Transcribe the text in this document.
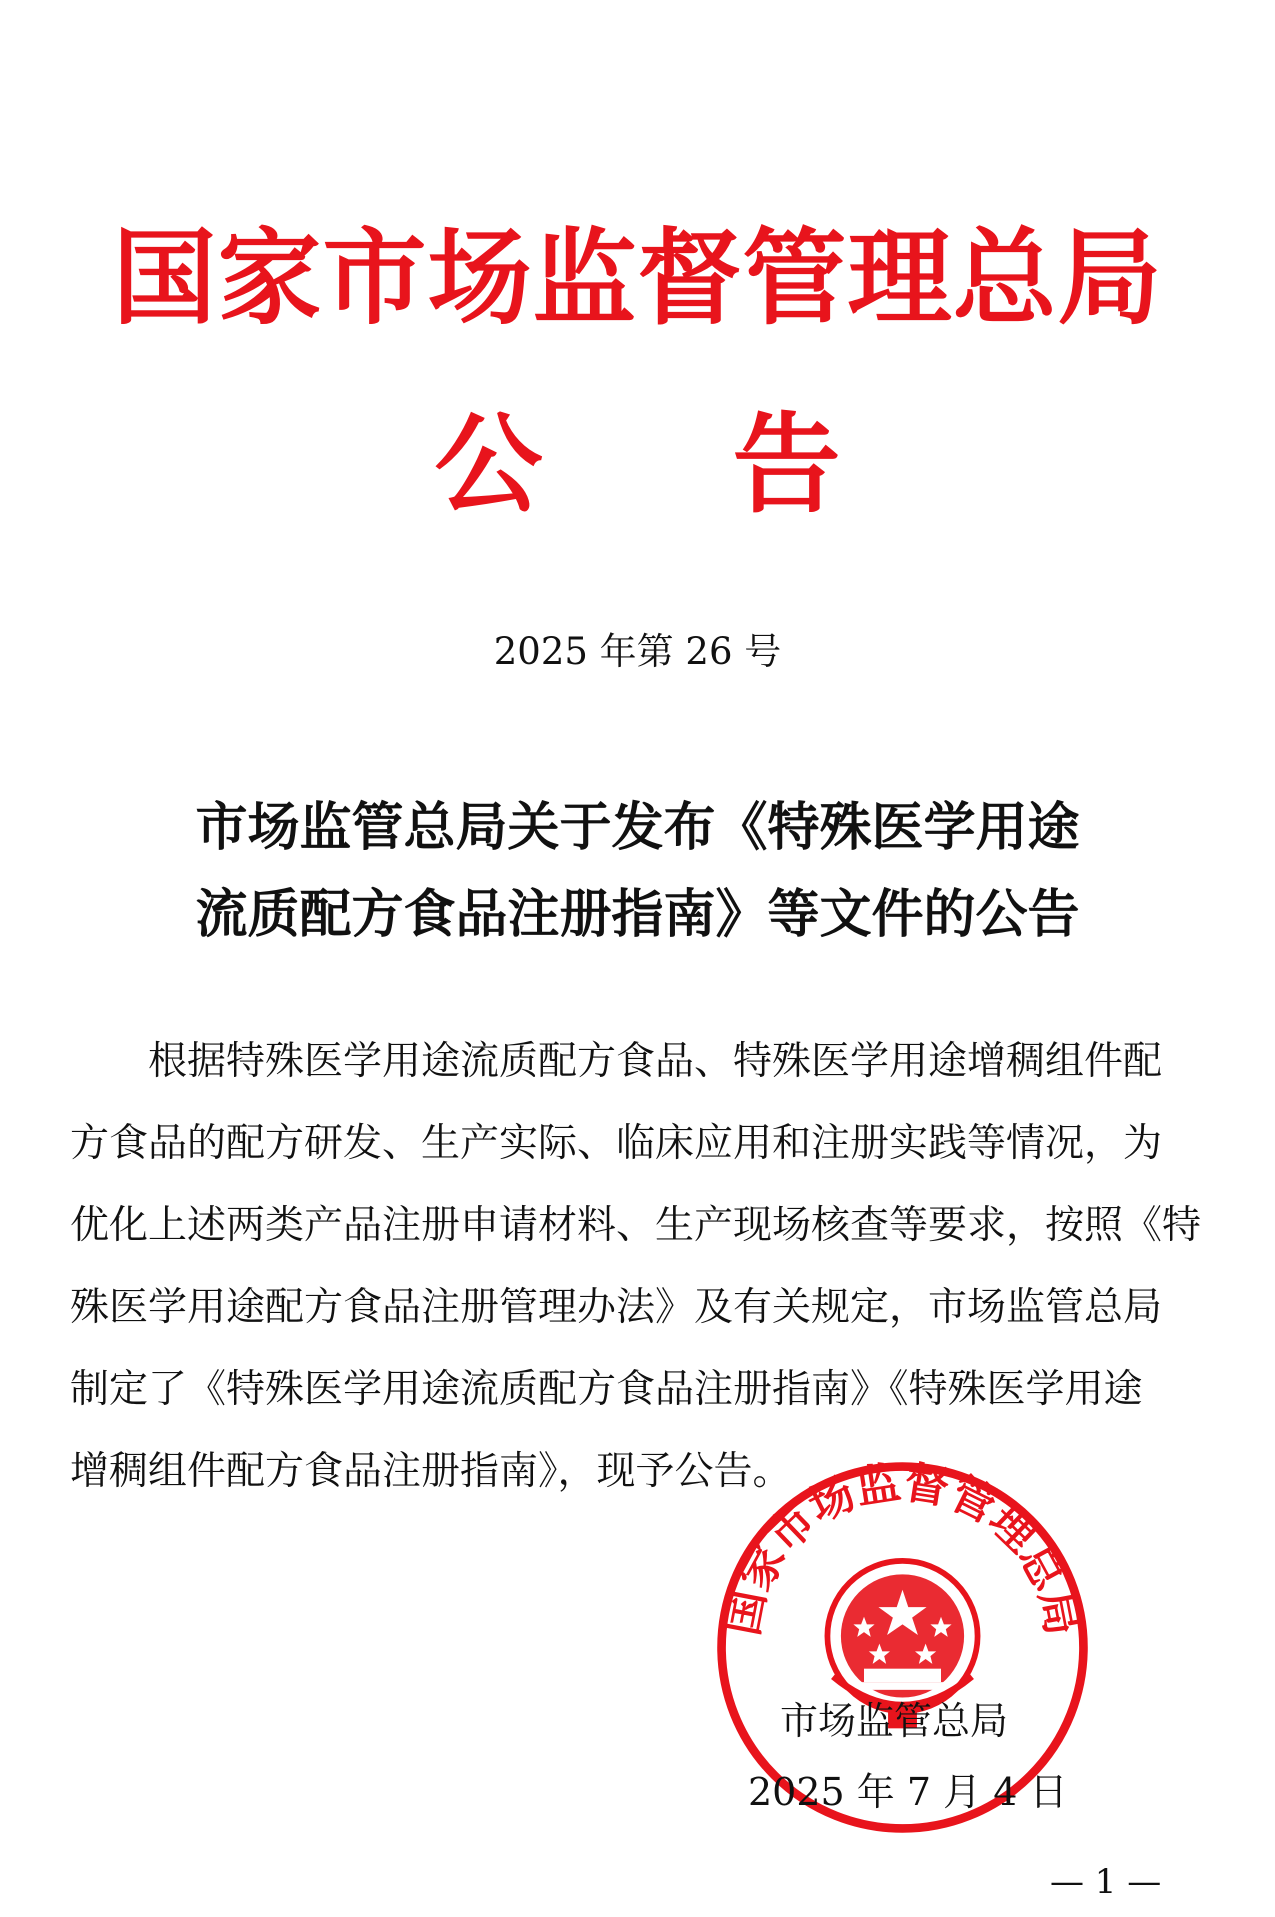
国家市场监督管理总局
公 告
2025 年第 26 号
市场监管总局关于发布《特殊医学用途
流质配方食品注册指南》等文件的公告
　　根据特殊医学用途流质配方食品、特殊医学用途增稠组件配
方食品的配方研发、生产实际、临床应用和注册实践等情况，为
优化上述两类产品注册申请材料、生产现场核查等要求，按照《特
殊医学用途配方食品注册管理办法》及有关规定，市场监管总局
制定了《特殊医学用途流质配方食品注册指南》《特殊医学用途
增稠组件配方食品注册指南》，现予公告。
国家市场监督管理总局
市场监管总局
2025 年 7 月 4 日
— 1 —
